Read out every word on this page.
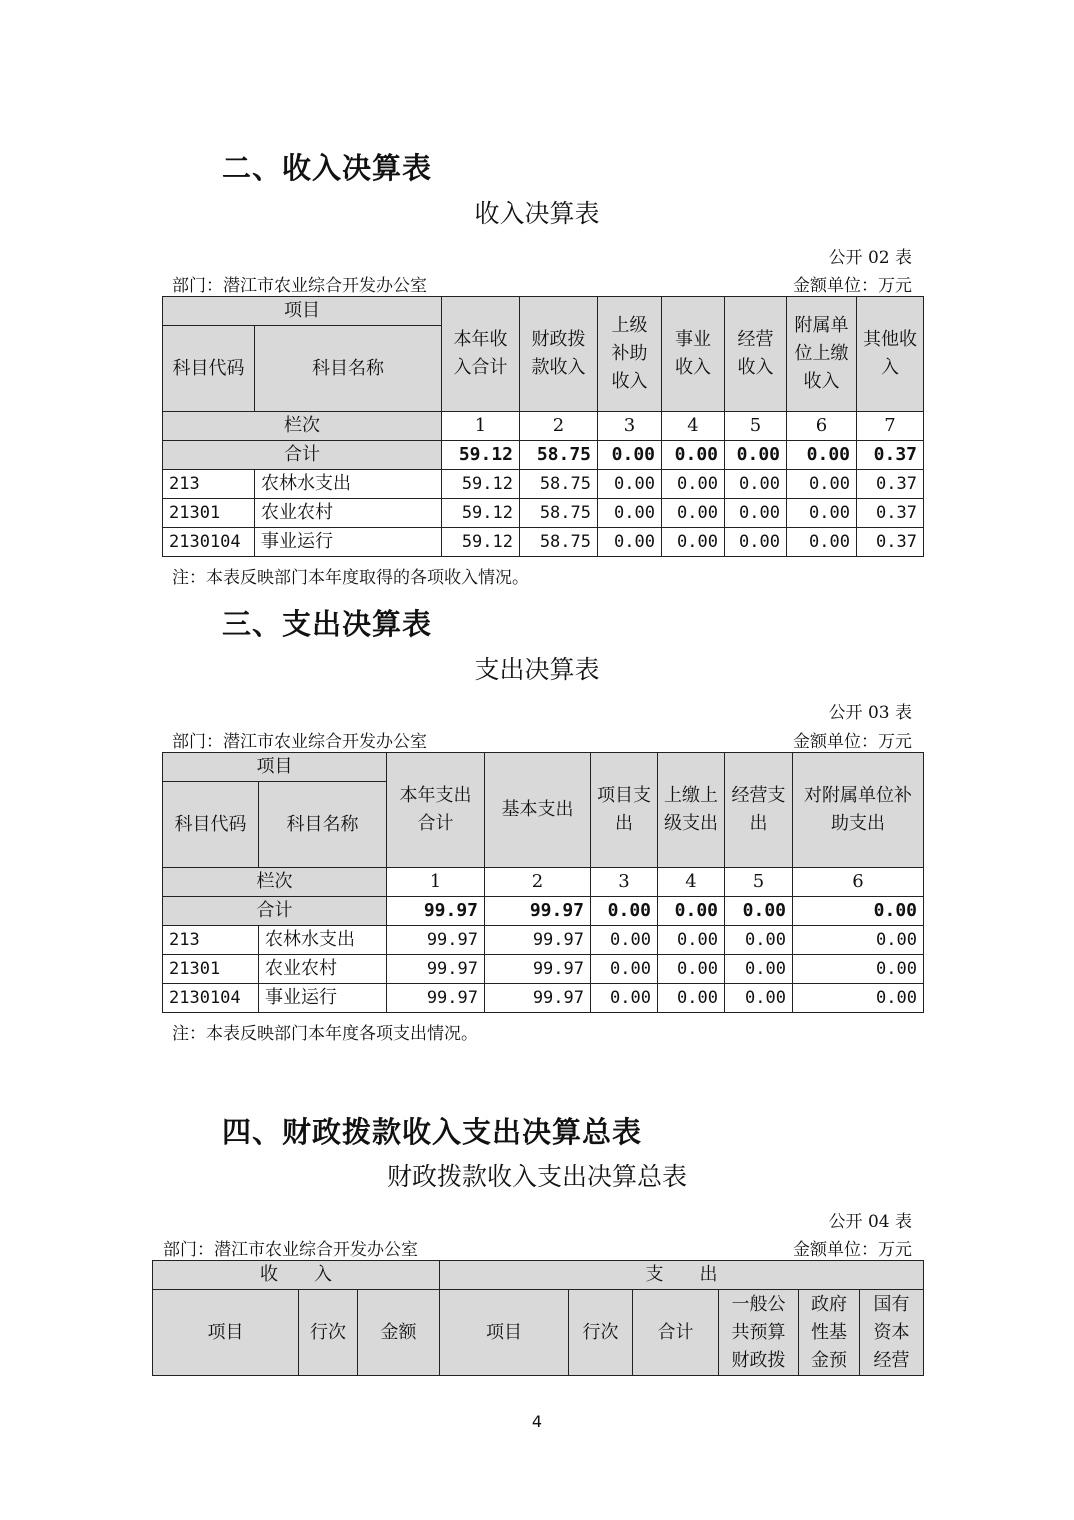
二、收入决算表
收入决算表
公开 02 表
部门：潜江市农业综合开发办公室	金额单位：万元
项目		本年收入合计	财政拨款收入	上级补助收入	事业收入	经营收入	附属单位上缴收入	其他收入
科目代码	科目名称							
栏次		1	2	3	4	5	6	7
合计		59.12	58.75	0.00	0.00	0.00	0.00	0.37
213	农林水支出	59.12	58.75	0.00	0.00	0.00	0.00	0.37
21301	农业农村	59.12	58.75	0.00	0.00	0.00	0.00	0.37
2130104	事业运行	59.12	58.75	0.00	0.00	0.00	0.00	0.37
注：本表反映部门本年度取得的各项收入情况。
三、支出决算表
支出决算表
公开 03 表
部门：潜江市农业综合开发办公室	金额单位：万元
项目		本年支出合计	基本支出	项目支出	上缴上级支出	经营支出	对附属单位补助支出
科目代码	科目名称						
栏次		1	2	3	4	5	6
合计		99.97	99.97	0.00	0.00	0.00	0.00
213	农林水支出	99.97	99.97	0.00	0.00	0.00	0.00
21301	农业农村	99.97	99.97	0.00	0.00	0.00	0.00
2130104	事业运行	99.97	99.97	0.00	0.00	0.00	0.00
注：本表反映部门本年度各项支出情况。
四、财政拨款收入支出决算总表
财政拨款收入支出决算总表
公开 04 表
部门：潜江市农业综合开发办公室	金额单位：万元
收　　入			支　　出					
项目	行次	金额	项目	行次	合计	一般公共预算财政拨	政府性基金预	国有资本经营
4
